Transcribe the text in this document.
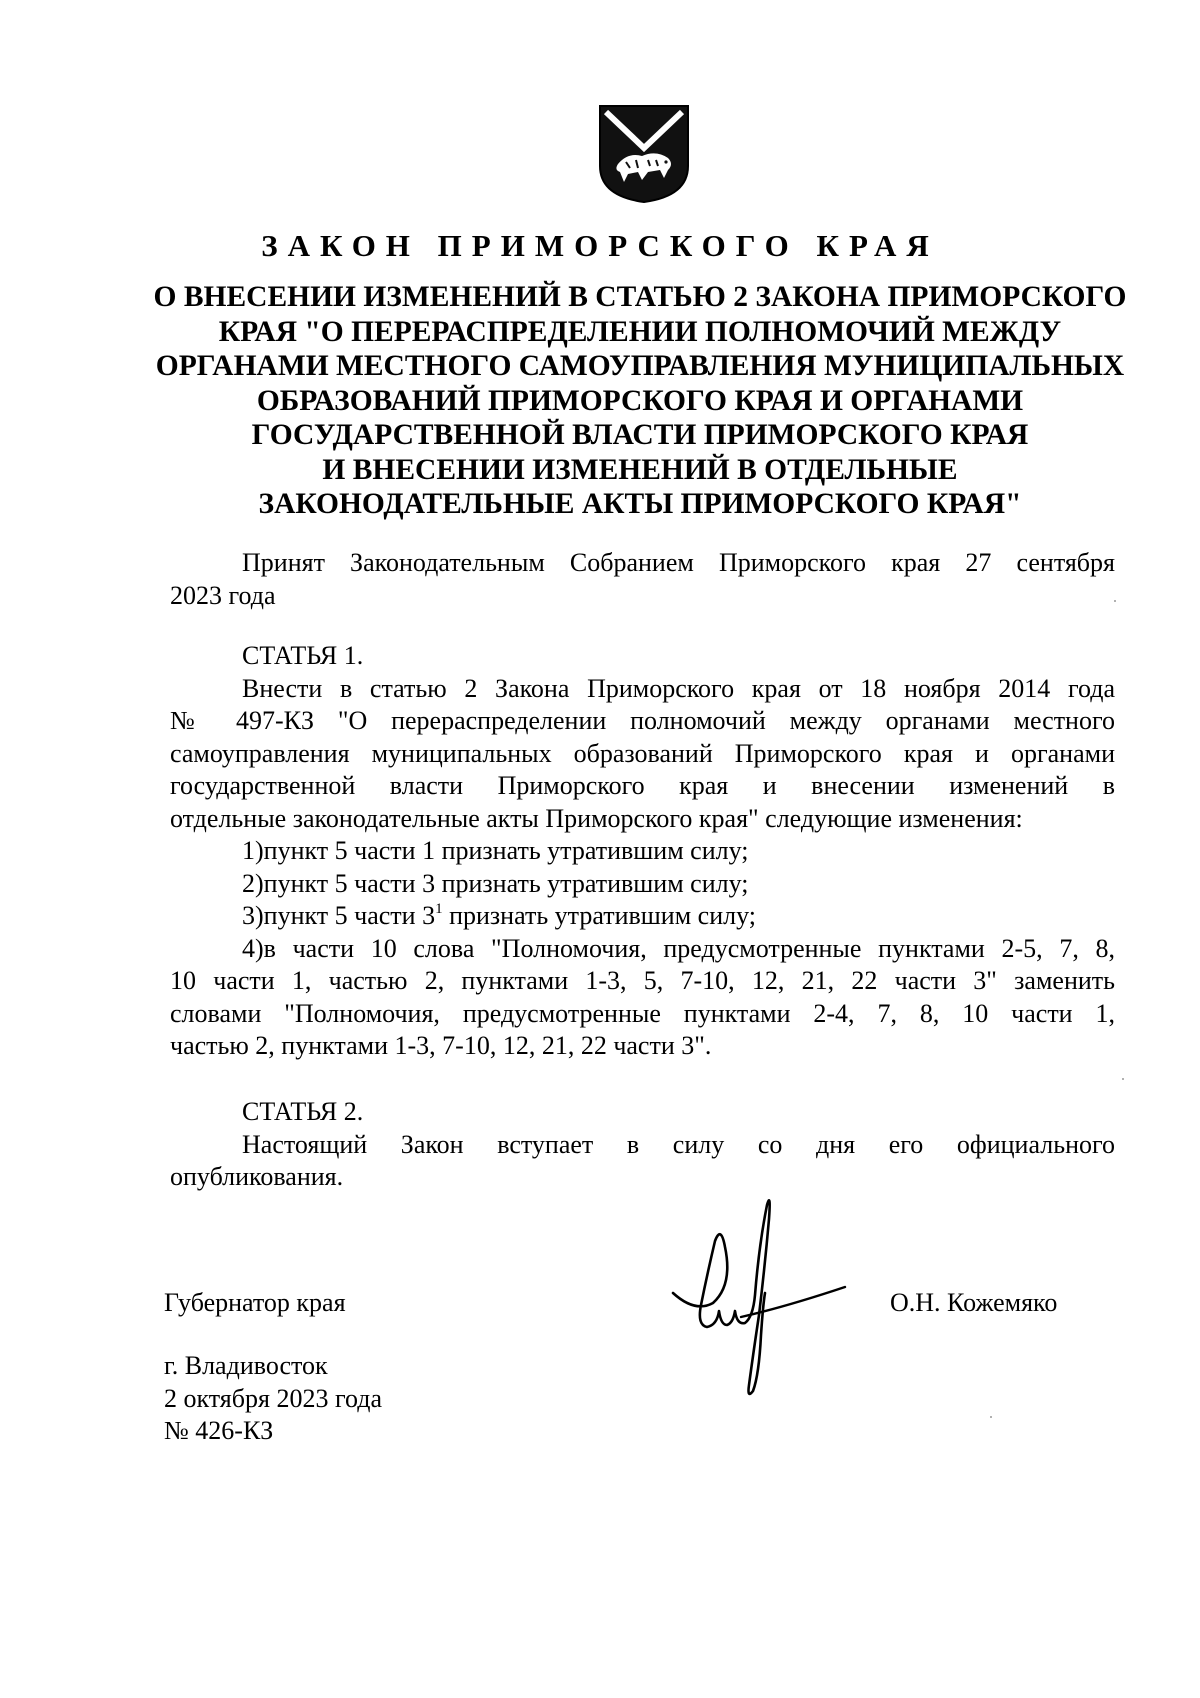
ЗАКОН ПРИМОРСКОГО КРАЯ
О ВНЕСЕНИИ ИЗМЕНЕНИЙ В СТАТЬЮ 2 ЗАКОНА ПРИМОРСКОГО
КРАЯ "О ПЕРЕРАСПРЕДЕЛЕНИИ ПОЛНОМОЧИЙ МЕЖДУ
ОРГАНАМИ МЕСТНОГО САМОУПРАВЛЕНИЯ МУНИЦИПАЛЬНЫХ
ОБРАЗОВАНИЙ ПРИМОРСКОГО КРАЯ И ОРГАНАМИ
ГОСУДАРСТВЕННОЙ ВЛАСТИ ПРИМОРСКОГО КРАЯ
И ВНЕСЕНИИ ИЗМЕНЕНИЙ В ОТДЕЛЬНЫЕ
ЗАКОНОДАТЕЛЬНЫЕ АКТЫ ПРИМОРСКОГО КРАЯ"
Принят Законодательным Собранием Приморского края 27 сентября
2023 года
СТАТЬЯ 1.
Внести в статью 2 Закона Приморского края от 18 ноября 2014 года
№ 497-КЗ "О перераспределении полномочий между органами местного
самоуправления муниципальных образований Приморского края и органами
государственной власти Приморского края и внесении изменений в
отдельные законодательные акты Приморского края" следующие изменения:
1)пункт 5 части 1 признать утратившим силу;
2)пункт 5 части 3 признать утратившим силу;
3)пункт 5 части $3^1$ признать утратившим силу;
4)в части 10 слова "Полномочия, предусмотренные пунктами 2-5, 7, 8,
10 части 1, частью 2, пунктами 1-3, 5, 7-10, 12, 21, 22 части 3" заменить
словами "Полномочия, предусмотренные пунктами 2-4, 7, 8, 10 части 1,
частью 2, пунктами 1-3, 7-10, 12, 21, 22 части 3".
СТАТЬЯ 2.
Настоящий Закон вступает в силу со дня его официального
опубликования.
Губернатор края	О.Н. Кожемяко
г. Владивосток
2 октября 2023 года
№ 426-КЗ
